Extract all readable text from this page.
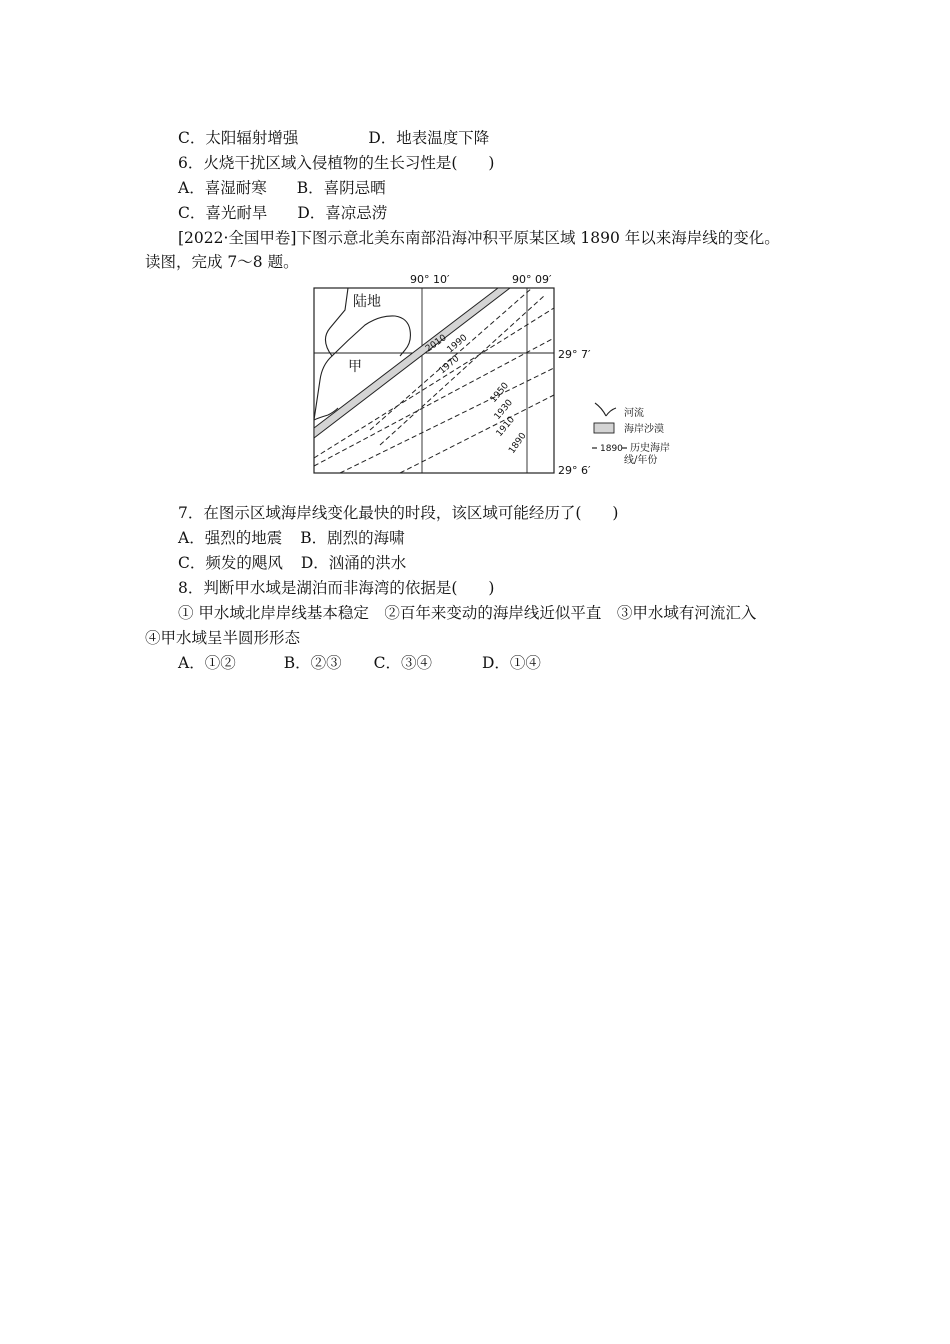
C．太阳辐射增强	D．地表温度下降
6．火烧干扰区域入侵植物的生长习性是(　　)
A．喜湿耐寒 B．喜阴忌晒
C．喜光耐旱 D．喜凉忌涝
[2022·全国甲卷]下图示意北美东南部沿海冲积平原某区域 1890 年以来海岸线的变化。
读图，完成 7～8 题。
90° 10′	90° 09′
29° 7′
29° 6′
陆地
甲
2010
1990
1970
1950
1930
1910
1890
河流
海岸沙漠
1890 历史海岸
线/年份
7．在图示区域海岸线变化最快的时段，该区域可能经历了(　　)
A．强烈的地震 B．剧烈的海啸
C．频发的飓风 D．汹涌的洪水
8．判断甲水域是湖泊而非海湾的依据是(　　)
① 甲水域北岸岸线基本稳定　②百年来变动的海岸线近似平直　③甲水域有河流汇入
④甲水域呈半圆形形态
A．①②	B．②③ C．③④	D．①④
